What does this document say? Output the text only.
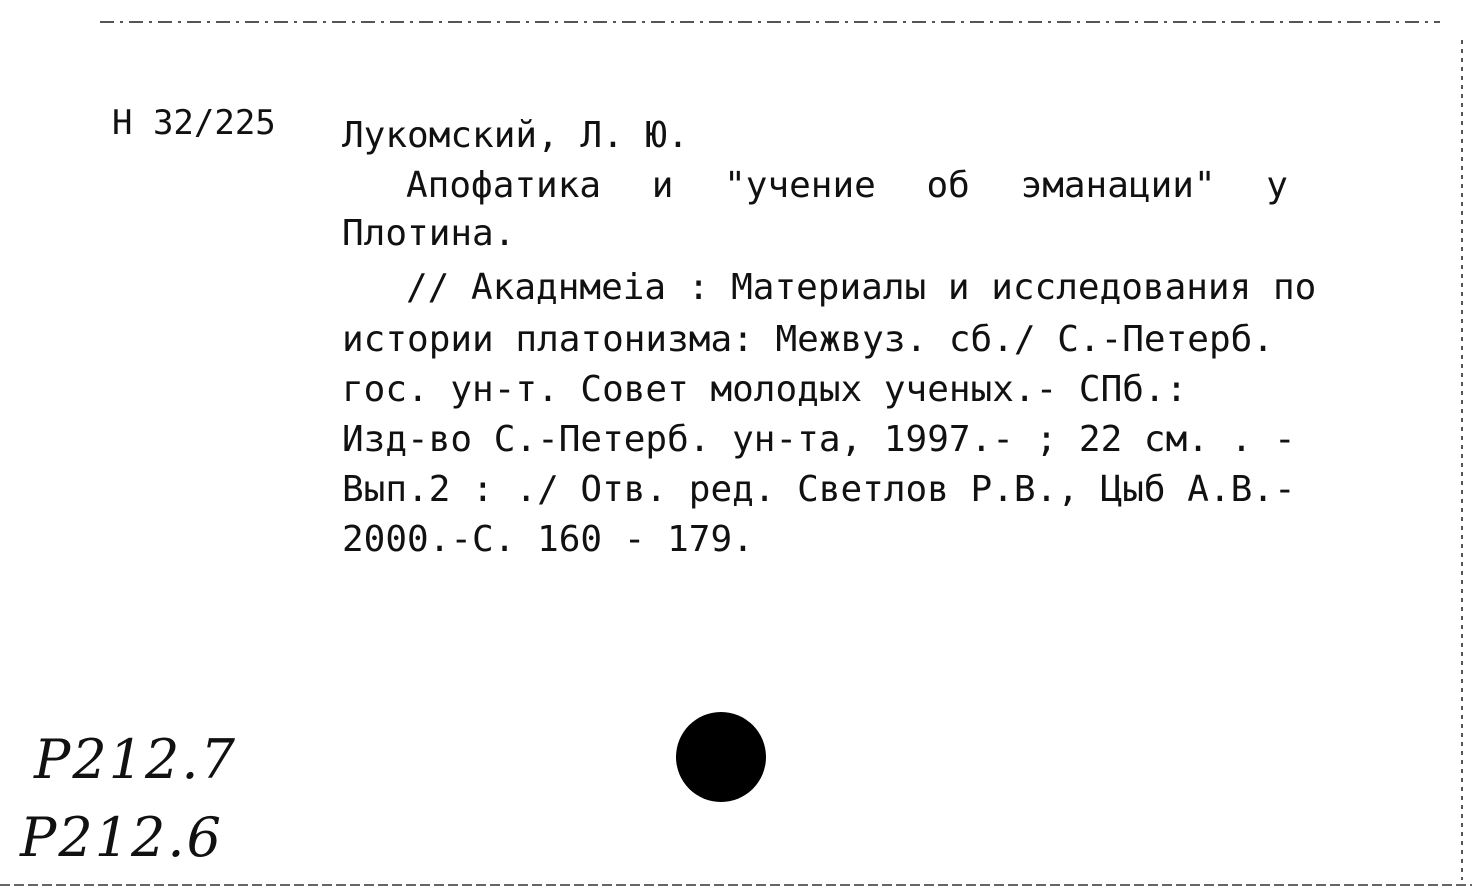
Н 32/225 Лукомский, Л. Ю.
Апофатика и "учение об эманации" у
Плотина.
// Акаднмеia : Материалы и исследования по
истории платонизма: Межвуз. сб./ С.-Петерб.
гос. ун-т. Совет молодых ученых.- СПб.:
Изд-во С.-Петерб. ун-та, 1997.- ; 22 см. . -
Вып.2 : ./ Отв. ред. Светлов Р.В., Цыб А.В.-
2000.-С. 160 - 179.
P212.7
P212.6
